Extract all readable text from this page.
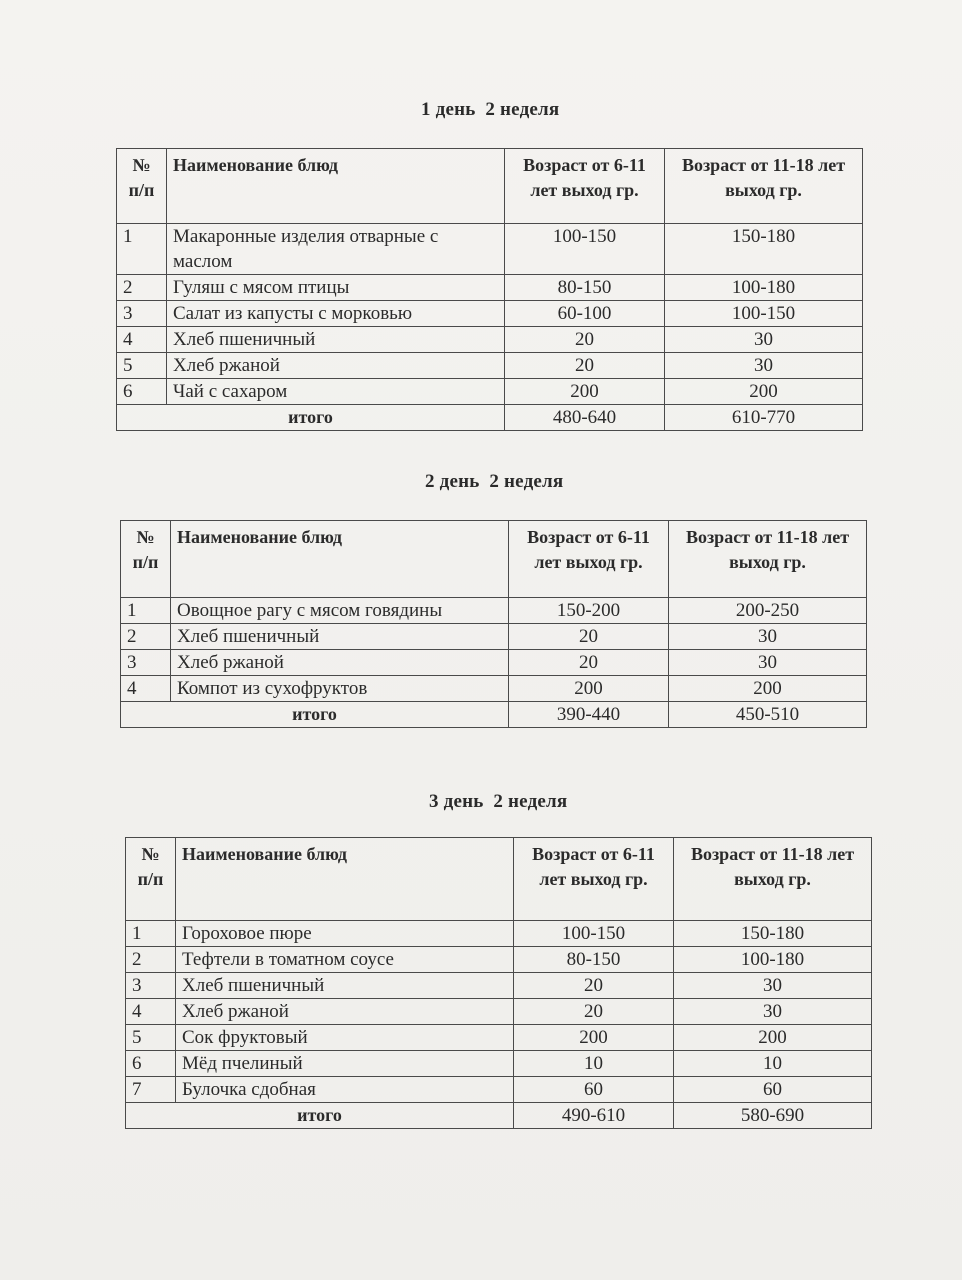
1 день  2 неделя
№ п/п	Наименование блюд	Возраст от 6-11 лет выход гр.	Возраст от 11-18 лет выход гр.
1	Макаронные изделия отварные с маслом	100-150	150-180
2	Гуляш с мясом птицы	80-150	100-180
3	Салат из капусты с морковью	60-100	100-150
4	Хлеб пшеничный	20	30
5	Хлеб ржаной	20	30
6	Чай с сахаром	200	200
итого		480-640	610-770
2 день  2 неделя
№ п/п	Наименование блюд	Возраст от 6-11 лет выход гр.	Возраст от 11-18 лет выход гр.
1	Овощное рагу с мясом говядины	150-200	200-250
2	Хлеб пшеничный	20	30
3	Хлеб ржаной	20	30
4	Компот из сухофруктов	200	200
итого		390-440	450-510
3 день  2 неделя
№ п/п	Наименование блюд	Возраст от 6-11 лет выход гр.	Возраст от 11-18 лет выход гр.
1	Гороховое пюре	100-150	150-180
2	Тефтели в томатном соусе	80-150	100-180
3	Хлеб пшеничный	20	30
4	Хлеб ржаной	20	30
5	Сок фруктовый	200	200
6	Мёд пчелиный	10	10
7	Булочка сдобная	60	60
итого		490-610	580-690
